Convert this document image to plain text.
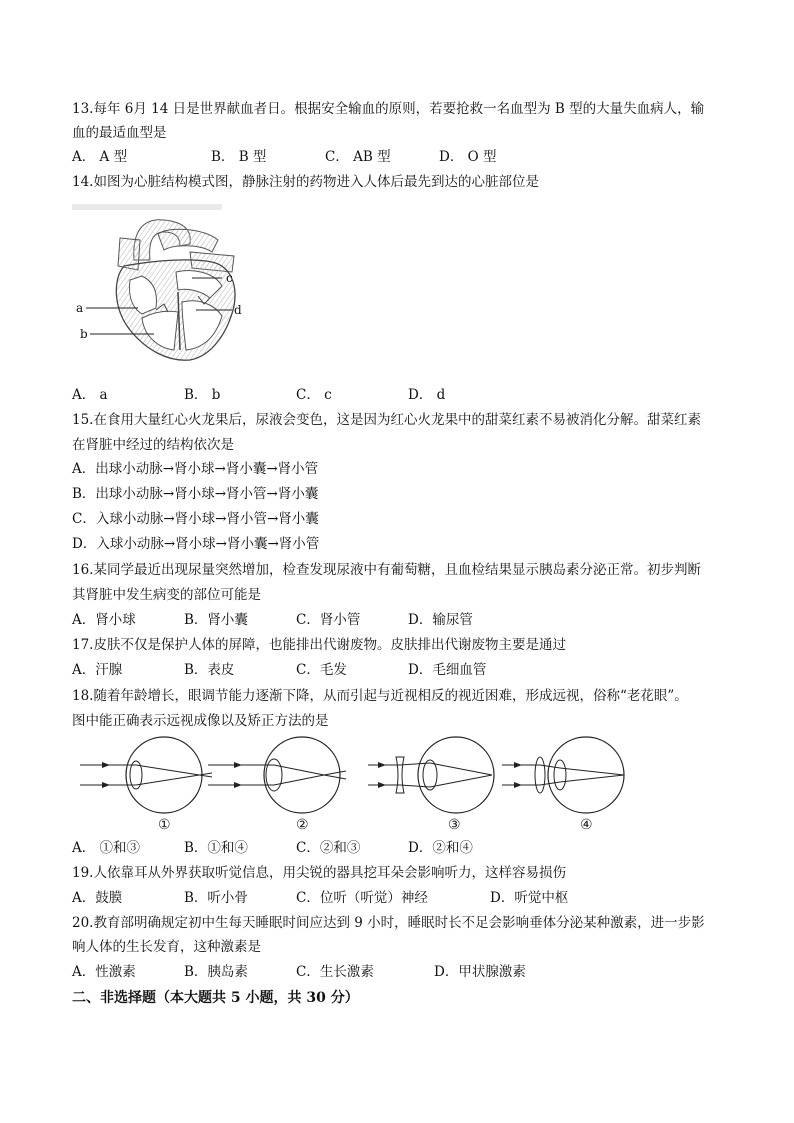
13.每年 6月 14 日是世界献血者日。根据安全输血的原则，若要抢救一名血型为 B 型的大量失血病人，输
血的最适血型是
A． A 型	B． B 型	C． AB 型	D． O 型
14.如图为心脏结构模式图，静脉注射的药物进入人体后最先到达的心脏部位是
a
b
c
d
A． a	B． b	C． c	D． d
15.在食用大量红心火龙果后，尿液会变色，这是因为红心火龙果中的甜菜红素不易被消化分解。甜菜红素
在肾脏中经过的结构依次是
A．出球小动脉→肾小球→肾小囊→肾小管
B．出球小动脉→肾小球→肾小管→肾小囊
C．入球小动脉→肾小球→肾小管→肾小囊
D．入球小动脉→肾小球→肾小囊→肾小管
16.某同学最近出现尿量突然增加，检查发现尿液中有葡萄糖，且血检结果显示胰岛素分泌正常。初步判断
其肾脏中发生病变的部位可能是
A．肾小球	B．肾小囊	C．肾小管	D．输尿管
17.皮肤不仅是保护人体的屏障，也能排出代谢废物。皮肤排出代谢废物主要是通过
A．汗腺	B．表皮	C．毛发	D．毛细血管
18.随着年龄增长，眼调节能力逐渐下降，从而引起与近视相反的视近困难，形成远视，俗称“老花眼”。
图中能正确表示远视成像以及矫正方法的是
①	②	③	④
A． ①和③	B．①和④	C．②和③	D．②和④
19.人依靠耳从外界获取听觉信息，用尖锐的器具挖耳朵会影响听力，这样容易损伤
A．鼓膜	B．听小骨	C．位听（听觉）神经	D．听觉中枢
20.教育部明确规定初中生每天睡眠时间应达到 9 小时，睡眠时长不足会影响垂体分泌某种激素，进一步影
响人体的生长发育，这种激素是
A．性激素	B．胰岛素	C．生长激素	D．甲状腺激素
二、非选择题（本大题共 5 小题，共 30 分）
